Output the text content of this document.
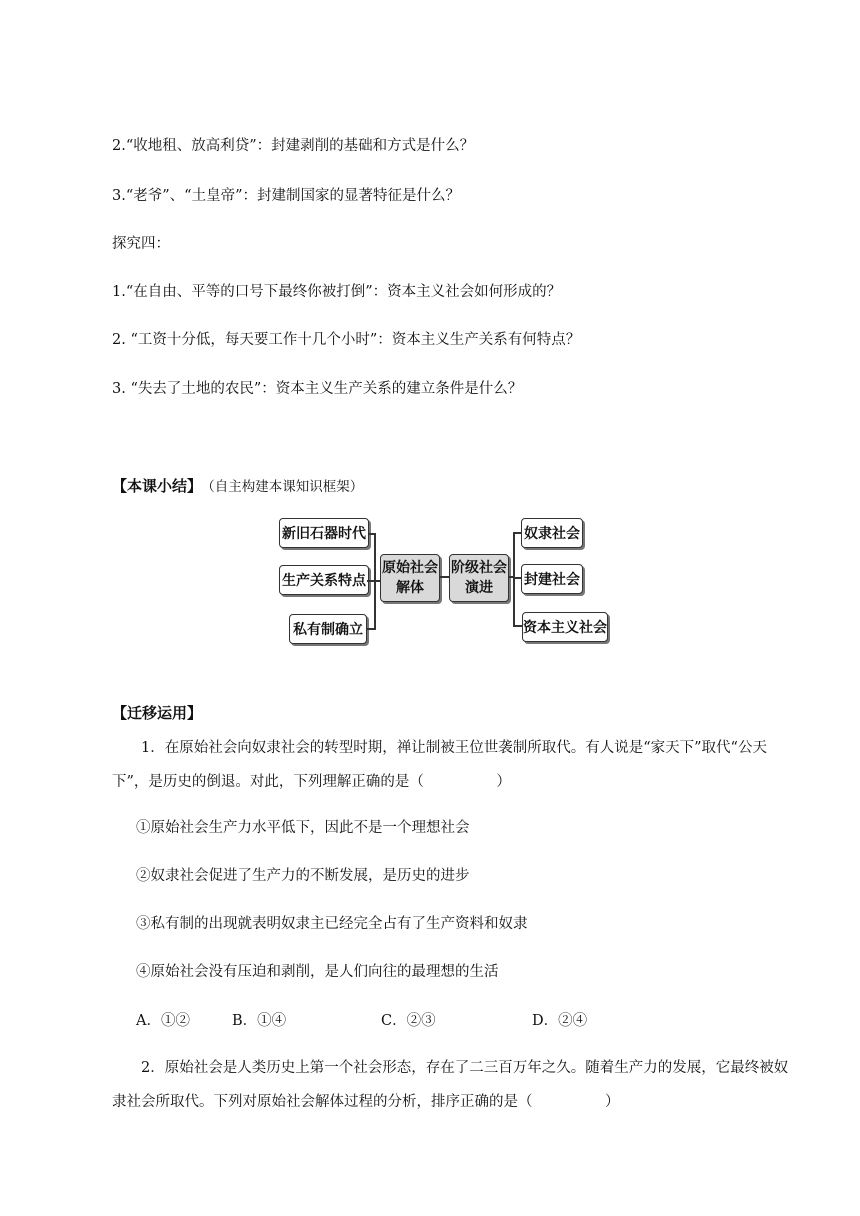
2.“收地租、放高利贷”：封建剥削的基础和方式是什么？
3.“老爷”、“土皇帝”：封建制国家的显著特征是什么？
探究四：
1.“在自由、平等的口号下最终你被打倒”：资本主义社会如何形成的？
2. “工资十分低，每天要工作十几个小时”：资本主义生产关系有何特点？
3. “失去了土地的农民”：资本主义生产关系的建立条件是什么？
【本课小结】 （自主构建本课知识框架）
新旧石器时代
生产关系特点
私有制确立
原始社会
解体
阶级社会
演进
奴隶社会
封建社会
资本主义社会
【迁移运用】
1．在原始社会向奴隶社会的转型时期，禅让制被王位世袭制所取代。有人说是“家天下”取代“公天下”，是历史的倒退。对此，下列理解正确的是（　　　　　）
①原始社会生产力水平低下，因此不是一个理想社会
②奴隶社会促进了生产力的不断发展，是历史的进步
③私有制的出现就表明奴隶主已经完全占有了生产资料和奴隶
④原始社会没有压迫和剥削，是人们向往的最理想的生活
A．①②	B．①④	C．②③	D．②④
2．原始社会是人类历史上第一个社会形态，存在了二三百万年之久。随着生产力的发展，它最终被奴隶社会所取代。下列对原始社会解体过程的分析，排序正确的是（　　　　　）
